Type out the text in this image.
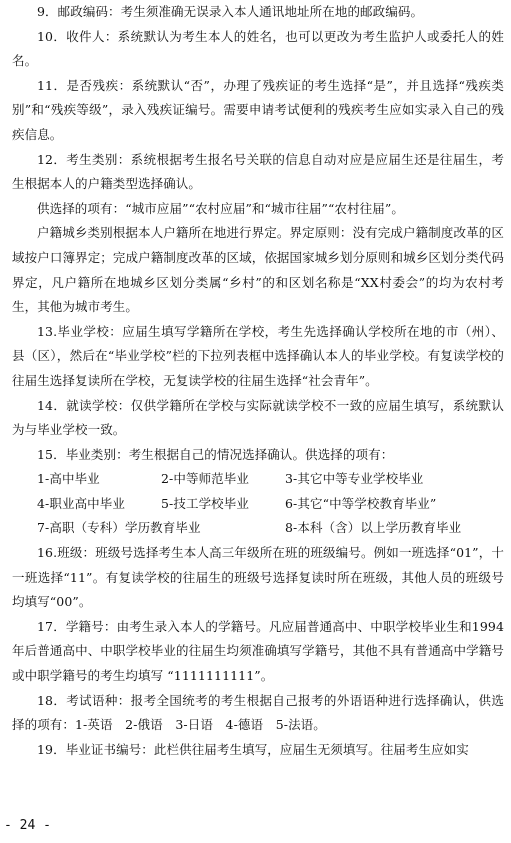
9．邮政编码：考生须准确无误录入本人通讯地址所在地的邮政编码。

10．收件人：系统默认为考生本人的姓名，也可以更改为考生监护人或委托人的姓名。

11．是否残疾：系统默认“否”，办理了残疾证的考生选择“是”，并且选择“残疾类别”和“残疾等级”，录入残疾证编号。需要申请考试便利的残疾考生应如实录入自己的残疾信息。

12．考生类别：系统根据考生报名号关联的信息自动对应是应届生还是往届生，考生根据本人的户籍类型选择确认。

供选择的项有：“城市应届”“农村应届”和“城市往届”“农村往届”。

户籍城乡类别根据本人户籍所在地进行界定。界定原则：没有完成户籍制度改革的区域按户口簿界定；完成户籍制度改革的区域，依据国家城乡划分原则和城乡区划分类代码界定，凡户籍所在地城乡区划分类属“乡村”的和区划名称是“XX村委会”的均为农村考生，其他为城市考生。

13.毕业学校：应届生填写学籍所在学校，考生先选择确认学校所在地的市（州）、县（区），然后在“毕业学校”栏的下拉列表框中选择确认本人的毕业学校。有复读学校的往届生选择复读所在学校，无复读学校的往届生选择“社会青年”。

14．就读学校：仅供学籍所在学校与实际就读学校不一致的应届生填写，系统默认为与毕业学校一致。

15．毕业类别：考生根据自己的情况选择确认。供选择的项有：

1-高中毕业	2-中等师范毕业	3-其它中等专业学校毕业
4-职业高中毕业	5-技工学校毕业	6-其它“中等学校教育毕业”
7-高职（专科）学历教育毕业	8-本科（含）以上学历教育毕业

16.班级：班级号选择考生本人高三年级所在班的班级编号。例如一班选择“01”，十一班选择“11”。有复读学校的往届生的班级号选择复读时所在班级，其他人员的班级号均填写“00”。

17．学籍号：由考生录入本人的学籍号。凡应届普通高中、中职学校毕业生和1994年后普通高中、中职学校毕业的往届生均须准确填写学籍号，其他不具有普通高中学籍号或中职学籍号的考生均填写 “1111111111”。

18．考试语种：报考全国统考的考生根据自己报考的外语语种进行选择确认，供选择的项有：1-英语　2-俄语　3-日语　4-德语　5-法语。

19．毕业证书编号：此栏供往届考生填写，应届生无须填写。往届考生应如实

- 24 -
